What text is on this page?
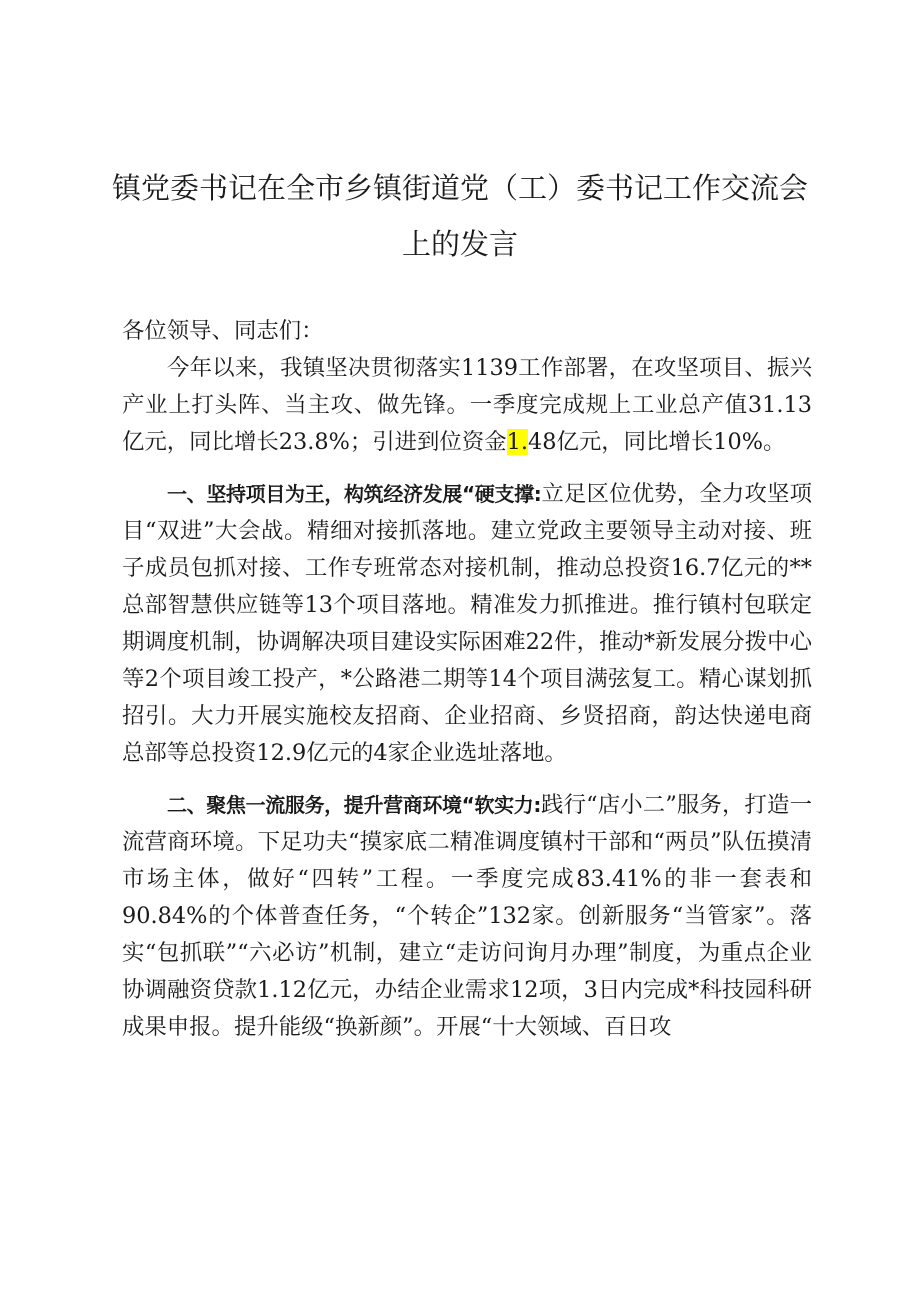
镇党委书记在全市乡镇街道党（工）委书记工作交流会
上的发言

各位领导、同志们：

今年以来，我镇坚决贯彻落实1139工作部署，在攻坚项目、振兴产业上打头阵、当主攻、做先锋。一季度完成规上工业总产值31.13亿元，同比增长23.8%；引进到位资金1.48亿元，同比增长10%。

一、坚持项目为王，构筑经济发展“硬支撑:立足区位优势，全力攻坚项目“双进”大会战。精细对接抓落地。建立党政主要领导主动对接、班子成员包抓对接、工作专班常态对接机制，推动总投资16.7亿元的**总部智慧供应链等13个项目落地。精准发力抓推进。推行镇村包联定期调度机制，协调解决项目建设实际困难22件，推动*新发展分拨中心等2个项目竣工投产，*公路港二期等14个项目满弦复工。精心谋划抓招引。大力开展实施校友招商、企业招商、乡贤招商，韵达快递电商总部等总投资12.9亿元的4家企业选址落地。

二、聚焦一流服务，提升营商环境“软实力:践行“店小二”服务，打造一流营商环境。下足功夫“摸家底二精准调度镇村干部和“两员”队伍摸清市场主体，做好“四转”工程。一季度完成83.41%的非一套表和90.84%的个体普查任务，“个转企”132家。创新服务“当管家”。落实“包抓联”“六必访”机制，建立“走访问询月办理”制度，为重点企业协调融资贷款1.12亿元，办结企业需求12项，3日内完成*科技园科研成果申报。提升能级“换新颜”。开展“十大领域、百日攻
